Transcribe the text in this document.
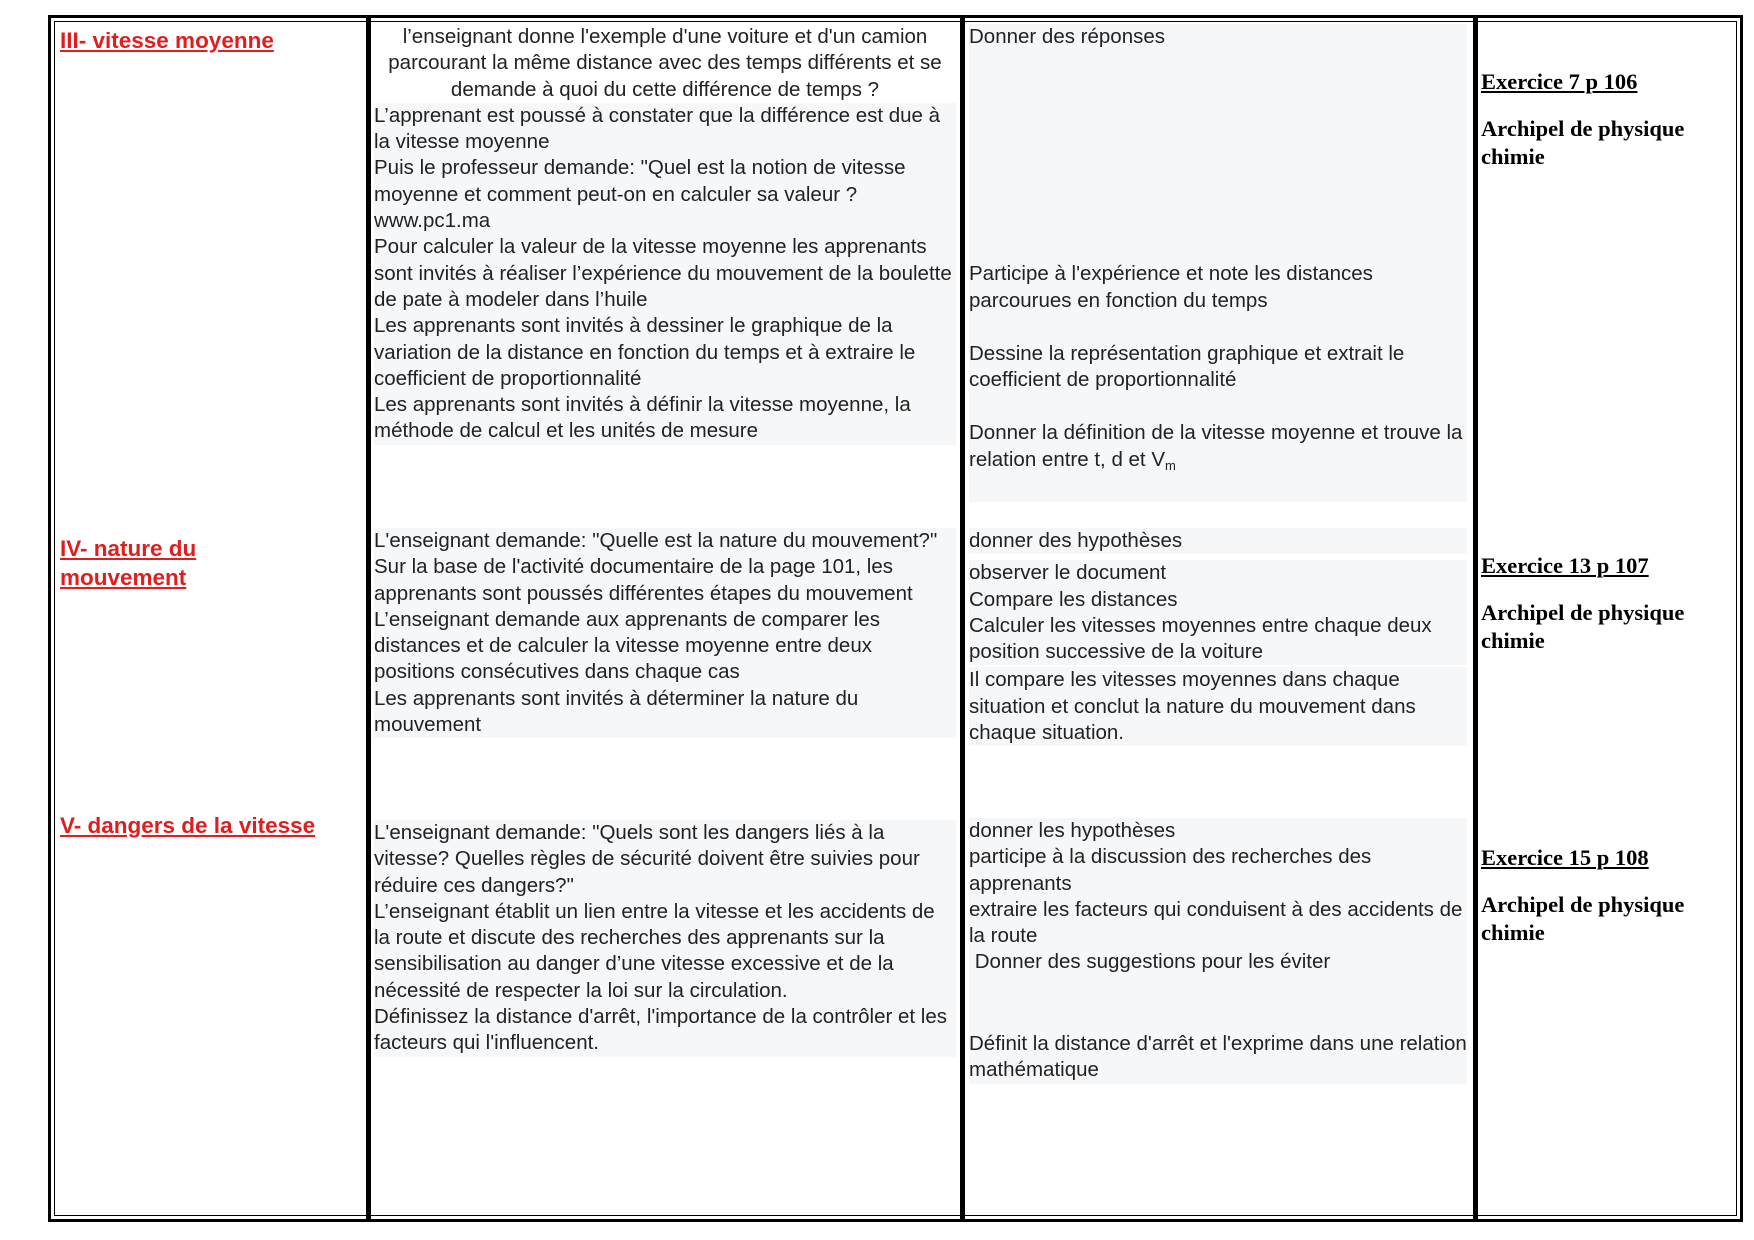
III- vitesse moyenne
IV- nature du mouvement
V- dangers de la vitesse

l’enseignant donne l'exemple d'une voiture et d'un camion parcourant la même distance avec des temps différents et se demande à quoi du cette différence de temps ?

L’apprenant est poussé à constater que la différence est due à la vitesse moyenne

Puis le professeur demande: "Quel est la notion de vitesse moyenne et comment peut-on en calculer sa valeur ? www.pc1.ma

Pour calculer la valeur de la vitesse moyenne les apprenants sont invités à réaliser l’expérience du mouvement de la boulette de pate à modeler dans l’huile

Les apprenants sont invités à dessiner le graphique de la variation de la distance en fonction du temps et à extraire le coefficient de proportionnalité

Les apprenants sont invités à définir la vitesse moyenne, la méthode de calcul et les unités de mesure

L'enseignant demande: "Quelle est la nature du mouvement?"

Sur la base de l'activité documentaire de la page 101, les apprenants sont poussés différentes étapes du mouvement

L’enseignant demande aux apprenants de comparer les distances et de calculer la vitesse moyenne entre deux positions consécutives dans chaque cas

Les apprenants sont invités à déterminer la nature du mouvement

L'enseignant demande: "Quels sont les dangers liés à la vitesse? Quelles règles de sécurité doivent être suivies pour réduire ces dangers?"

L’enseignant établit un lien entre la vitesse et les accidents de la route et discute des recherches des apprenants sur la sensibilisation au danger d’une vitesse excessive et de la nécessité de respecter la loi sur la circulation.

Définissez la distance d'arrêt, l'importance de la contrôler et les facteurs qui l'influencent.

Donner des réponses

Participe à l'expérience et note les distances parcourues en fonction du temps

Dessine la représentation graphique et extrait le coefficient de proportionnalité

Donner la définition de la vitesse moyenne et trouve la relation entre t, d et $V_m$

donner des hypothèses

observer le document

Compare les distances

Calculer les vitesses moyennes entre chaque deux position successive de la voiture

Il compare les vitesses moyennes dans chaque situation et conclut la nature du mouvement dans chaque situation.

donner les hypothèses

participe à la discussion des recherches des apprenants

extraire les facteurs qui conduisent à des accidents de la route

Donner des suggestions pour les éviter

Définit la distance d'arrêt et l'exprime dans une relation mathématique

Exercice 7 p 106
Archipel de physique chimie
Exercice 13 p 107
Archipel de physique chimie
Exercice 15 p 108
Archipel de physique chimie
